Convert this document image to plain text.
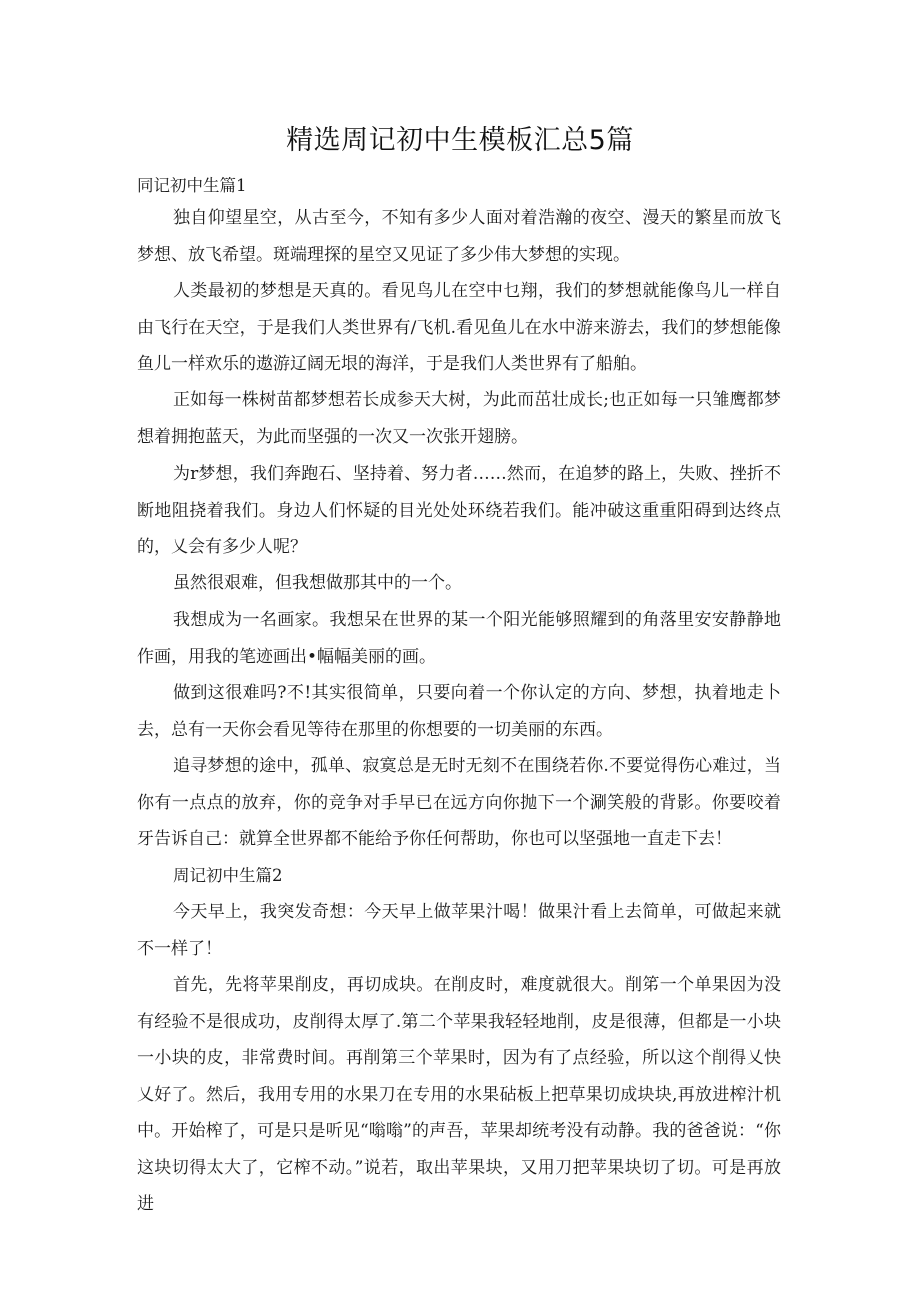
精选周记初中生模板汇总5篇

同记初中生篇1

独自仰望星空，从古至今，不知有多少人面对着浩瀚的夜空、漫天的繁星而放飞梦想、放飞希望。斑端理探的星空又见证了多少伟大梦想的实现。

人类最初的梦想是天真的。看见鸟儿在空中乜翔，我们的梦想就能像鸟儿一样自由飞行在天空，于是我们人类世界有/飞机.看见鱼儿在水中游来游去，我们的梦想能像鱼儿一样欢乐的遨游辽阔无垠的海洋，于是我们人类世界有了船舶。

正如每一株树苗都梦想若长成参天大树，为此而茁壮成长;也正如每一只雏鹰都梦想着拥抱蓝天，为此而坚强的一次又一次张开翅膀。

为r梦想，我们奔跑石、坚持着、努力者……然而，在追梦的路上，失败、挫折不断地阻挠着我们。身边人们怀疑的目光处处环绕若我们。能冲破这重重阳碍到达终点的，乂会有多少人呢？

虽然很艰难，但我想做那其中的一个。

我想成为一名画家。我想呆在世界的某一个阳光能够照耀到的角落里安安静静地作画，用我的笔迹画出•幅幅美丽的画。

做到这很难吗?不!其实很简单，只要向着一个你认定的方向、梦想，执着地走卜去，总有一天你会看见等待在那里的你想要的一切美丽的东西。

追寻梦想的途中，孤单、寂寞总是无时无刻不在围绕若你.不要觉得伤心难过，当你有一点点的放弃，你的竞争对手早已在远方向你抛下一个涮笑般的背影。你要咬着牙告诉自己：就算全世界都不能给予你任何帮助，你也可以坚强地一直走下去！

周记初中生篇2

今天早上，我突发奇想：今天早上做苹果汁喝！做果汁看上去简单，可做起来就不一样了！

首先，先将苹果削皮，再切成块。在削皮时，难度就很大。削笫一个单果因为没有经验不是很成功，皮削得太厚了.第二个苹果我轻轻地削，皮是很薄，但都是一小块一小块的皮，非常费时间。再削第三个苹果时，因为有了点经验，所以这个削得乂快乂好了。然后，我用专用的水果刀在专用的水果砧板上把草果切成块块,再放进榨汁机中。开始榨了，可是只是听见“嗡嗡”的声吾，苹果却统考没有动静。我的爸爸说：“你这块切得太大了，它榨不动。”说若，取出苹果块，又用刀把苹果块切了切。可是再放进
